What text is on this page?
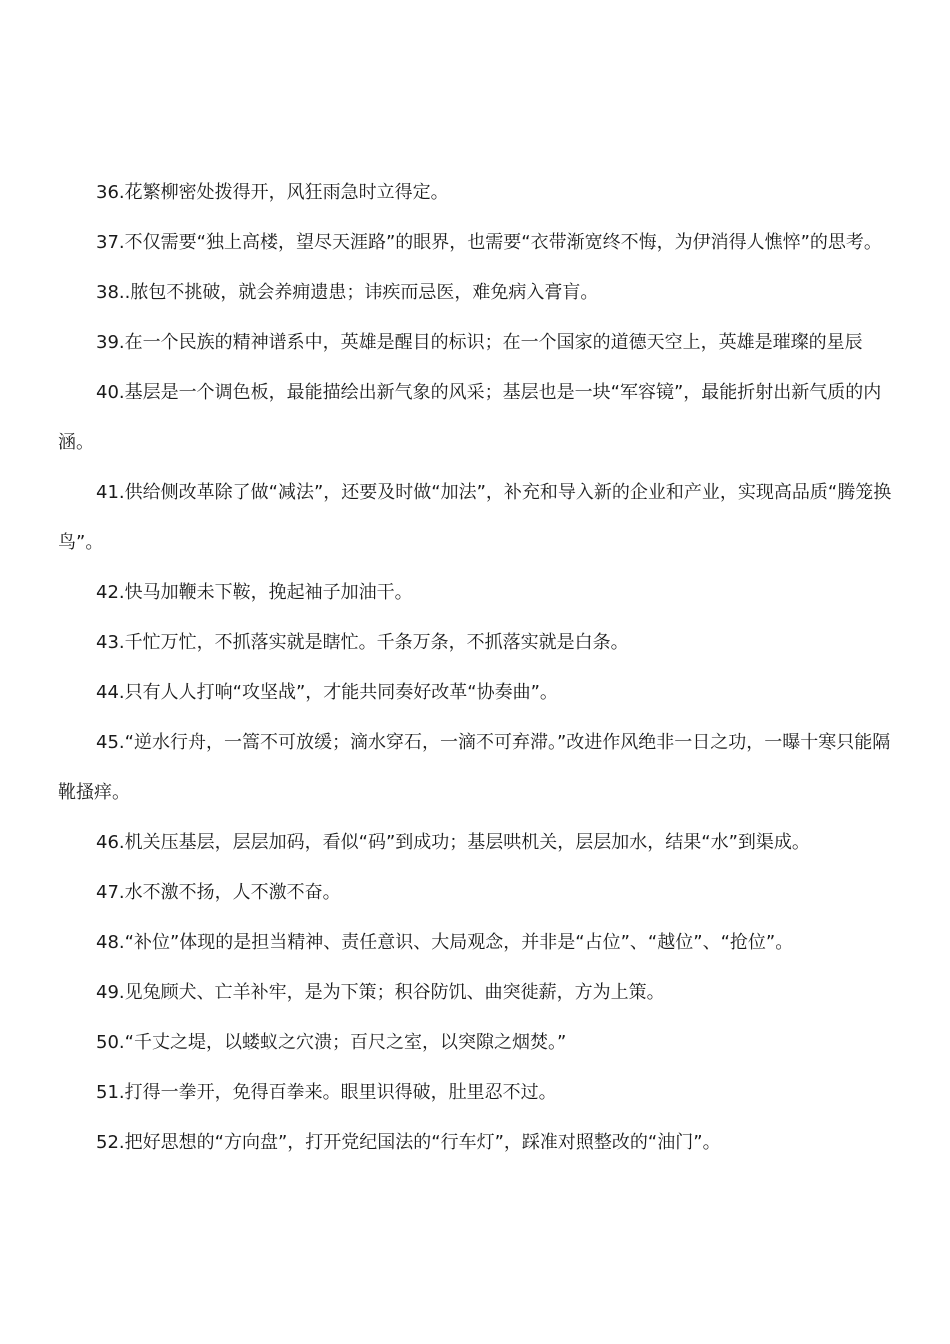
36.花繁柳密处拨得开，风狂雨急时立得定。

37.不仅需要“独上高楼，望尽天涯路”的眼界，也需要“衣带渐宽终不悔，为伊消得人憔悴”的思考。

38..脓包不挑破，就会养痈遗患；讳疾而忌医，难免病入膏肓。

39.在一个民族的精神谱系中，英雄是醒目的标识；在一个国家的道德天空上，英雄是璀璨的星辰

40.基层是一个调色板，最能描绘出新气象的风采；基层也是一块“军容镜”，最能折射出新气质的内涵。

41.供给侧改革除了做“减法”，还要及时做“加法”，补充和导入新的企业和产业，实现高品质“腾笼换鸟”。

42.快马加鞭未下鞍，挽起袖子加油干。

43.千忙万忙，不抓落实就是瞎忙。千条万条，不抓落实就是白条。

44.只有人人打响“攻坚战”，才能共同奏好改革“协奏曲”。

45.“逆水行舟，一篙不可放缓；滴水穿石，一滴不可弃滞。”改进作风绝非一日之功，一曝十寒只能隔靴搔痒。

46.机关压基层，层层加码，看似“码”到成功；基层哄机关，层层加水，结果“水”到渠成。

47.水不激不扬，人不激不奋。

48.“补位”体现的是担当精神、责任意识、大局观念，并非是“占位”、“越位”、“抢位”。

49.见兔顾犬、亡羊补牢，是为下策；积谷防饥、曲突徙薪，方为上策。

50.“千丈之堤，以蝼蚁之穴溃；百尺之室，以突隙之烟焚。”

51.打得一拳开，免得百拳来。眼里识得破，肚里忍不过。

52.把好思想的“方向盘”，打开党纪国法的“行车灯”，踩准对照整改的“油门”。
